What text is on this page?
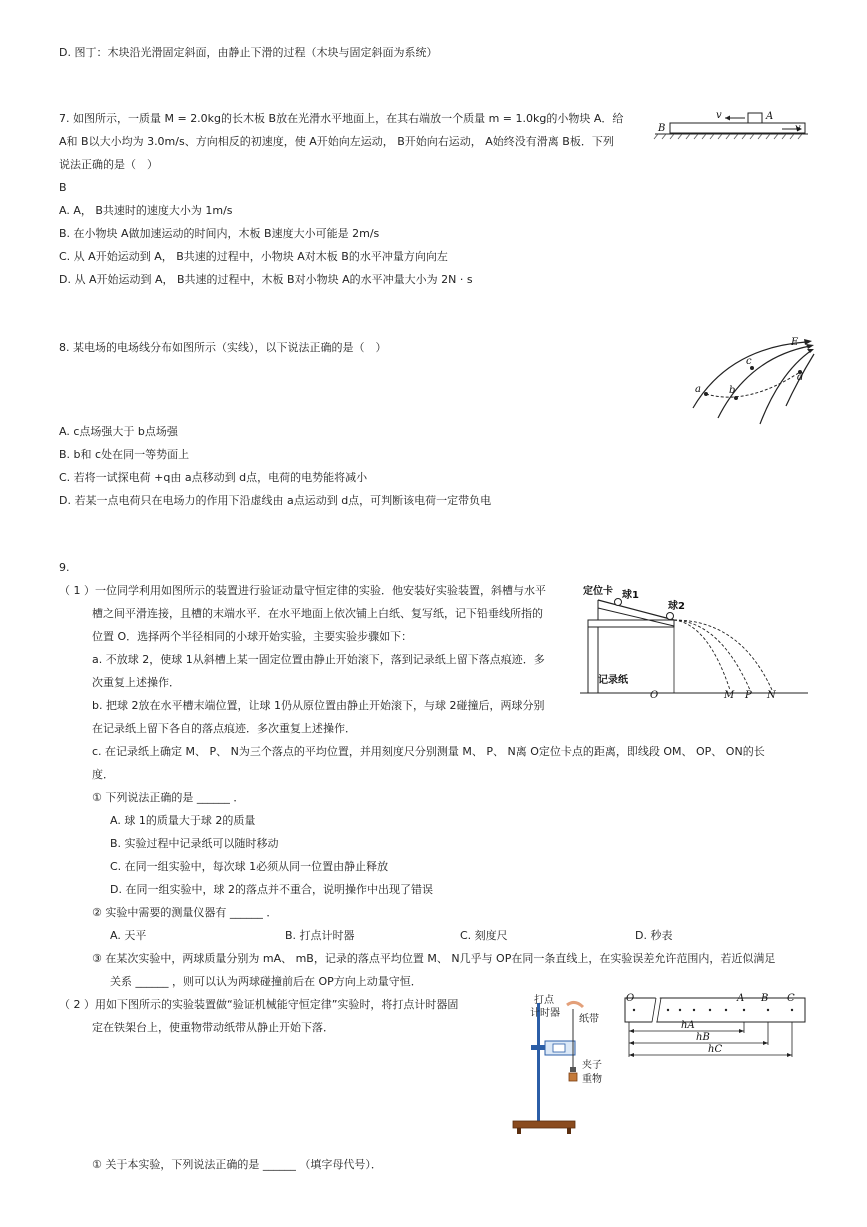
D. 图丁：木块沿光滑固定斜面，由静止下滑的过程（木块与固定斜面为系统）
7. 如图所示，一质量 M = 2.0kg的长木板 B放在光滑水平地面上，在其右端放一个质量 m = 1.0kg的小物块 A．给
A和 B以大小均为 3.0m/s、方向相反的初速度，使 A开始向左运动， B开始向右运动， A始终没有滑离 B板．下列
说法正确的是（　）
B
A. A， B共速时的速度大小为 1m/s
B. 在小物块 A做加速运动的时间内，木板 B速度大小可能是 2m/s
C. 从 A开始运动到 A， B共速的过程中，小物块 A对木板 B的水平冲量方向向左
D. 从 A开始运动到 A， B共速的过程中，木板 B对小物块 A的水平冲量大小为 2N · s
B
A
v
v
8. 某电场的电场线分布如图所示（实线），以下说法正确的是（　）
A. c点场强大于 b点场强
B. b和 c处在同一等势面上
C. 若将一试探电荷 +q由 a点移动到 d点，电荷的电势能将减小
D. 若某一点电荷只在电场力的作用下沿虚线由 a点运动到 d点，可判断该电荷一定带负电
a	b
c
d
E
9.
（ 1 ）一位同学利用如图所示的装置进行验证动量守恒定律的实验．他安装好实验装置，斜槽与水平
槽之间平滑连接，且槽的末端水平．在水平地面上依次铺上白纸、复写纸，记下铅垂线所指的
位置 O．选择两个半径相同的小球开始实验，主要实验步骤如下：
a. 不放球 2，使球 1从斜槽上某一固定位置由静止开始滚下，落到记录纸上留下落点痕迹．多
次重复上述操作．
b. 把球 2放在水平槽末端位置，让球 1仍从原位置由静止开始滚下，与球 2碰撞后，两球分别
在记录纸上留下各自的落点痕迹．多次重复上述操作．
c. 在记录纸上确定 M、 P、 N为三个落点的平均位置，并用刻度尺分别测量 M、 P、 N离 O定位卡点的距离，即线段 OM、 OP、 ON的长
度．
① 下列说法正确的是 ______ ．
A. 球 1的质量大于球 2的质量
B. 实验过程中记录纸可以随时移动
C. 在同一组实验中，每次球 1必须从同一位置由静止释放
D. 在同一组实验中，球 2的落点并不重合，说明操作中出现了错误
② 实验中需要的测量仪器有 ______ ．
A. 天平	B. 打点计时器	C. 刻度尺	D. 秒表
③ 在某次实验中，两球质量分别为 mA、 mB，记录的落点平均位置 M、 N几乎与 OP在同一条直线上，在实验误差允许范围内，若近似满足
关系 ______ ，则可以认为两球碰撞前后在 OP方向上动量守恒．
定位卡 球1
球2
记录纸
O	M P N
（ 2 ）用如下图所示的实验装置做“验证机械能守恒定律”实验时，将打点计时器固
定在铁架台上，使重物带动纸带从静止开始下落．
① 关于本实验，下列说法正确的是 ______ （填字母代号）．
打点
计时器
纸带
夹子
重物
O	A B C
hA
hB
hC
